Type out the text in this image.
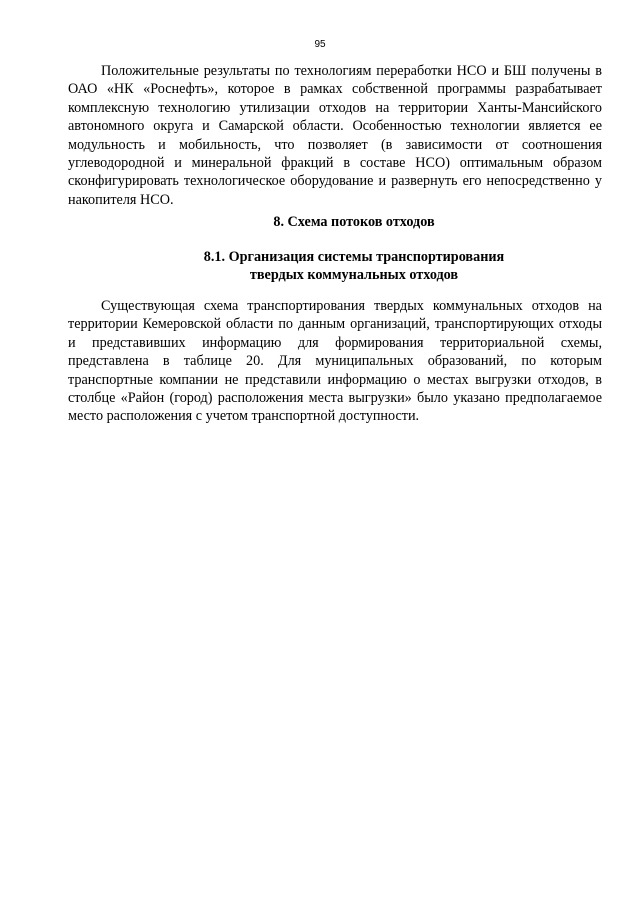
95

Положительные результаты по технологиям переработки НСО и БШ получены в ОАО «НК «Роснефть», которое в рамках собственной программы разрабатывает комплексную технологию утилизации отходов на территории Ханты-Мансийского автономного округа и Самарской области. Особенностью технологии является ее модульность и мобильность, что позволяет (в зависимости от соотношения углеводородной и минеральной фракций в составе НСО) оптимальным образом сконфигурировать технологическое оборудование и развернуть его непосредственно у накопителя НСО.

8. Схема потоков отходов
8.1. Организация системы транспортирования
твердых коммунальных отходов

Существующая схема транспортирования твердых коммунальных отходов на территории Кемеровской области по данным организаций, транспортирующих отходы и представивших информацию для формирования территориальной схемы, представлена в таблице 20. Для муниципальных образований, по которым транспортные компании не представили информацию о местах выгрузки отходов, в столбце «Район (город) расположения места выгрузки» было указано предполагаемое место расположения с учетом транспортной доступности.
